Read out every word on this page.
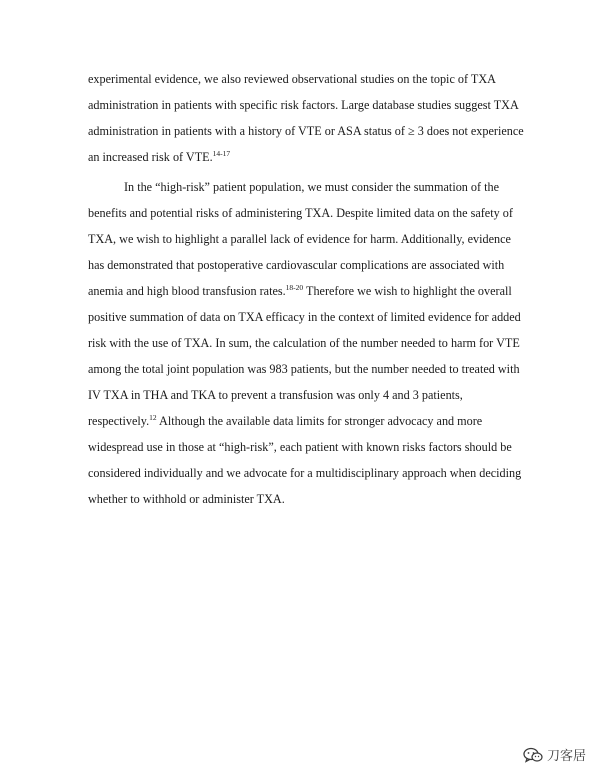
experimental evidence, we also reviewed observational studies on the topic of TXA
administration in patients with specific risk factors. Large database studies suggest TXA
administration in patients with a history of VTE or ASA status of ≥ 3 does not experience
an increased risk of VTE.$^{14-17}$
In the “high-risk” patient population, we must consider the summation of the
benefits and potential risks of administering TXA. Despite limited data on the safety of
TXA, we wish to highlight a parallel lack of evidence for harm. Additionally, evidence
has demonstrated that postoperative cardiovascular complications are associated with
anemia and high blood transfusion rates.$^{18-20}$ Therefore we wish to highlight the overall
positive summation of data on TXA efficacy in the context of limited evidence for added
risk with the use of TXA. In sum, the calculation of the number needed to harm for VTE
among the total joint population was 983 patients, but the number needed to treated with
IV TXA in THA and TKA to prevent a transfusion was only 4 and 3 patients,
respectively.$^{12}$ Although the available data limits for stronger advocacy and more
widespread use in those at “high-risk”, each patient with known risks factors should be
considered individually and we advocate for a multidisciplinary approach when deciding
whether to withhold or administer TXA.
刀客居
